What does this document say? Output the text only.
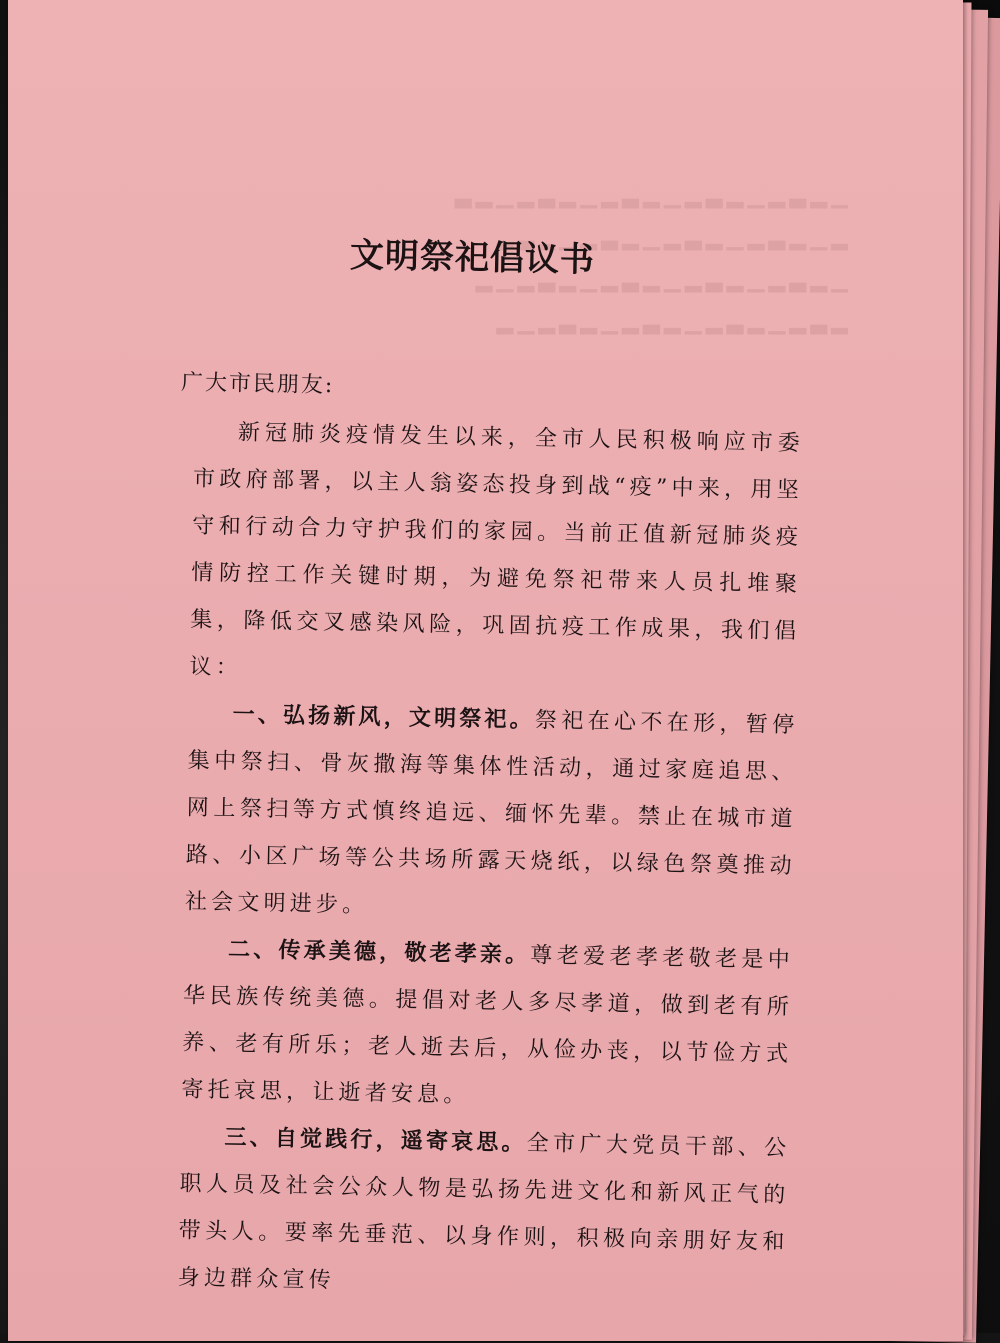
▁▂▃▂▁▂▃▂▁▂▃▂▁▂▃▂▁▂▃
▂▁▂▃▂▁▂▃▂▁▂▃▂▁▂▃▂
▁▂▃▂▁▂▃▂▁▂▃▂▁▂▃▂▁▂
▂▃▂▁▂▃▂▁▂▃▂▁▂▃▂▁▂
文明祭祀倡议书
广大市民朋友:

新冠肺炎疫情发生以来，全市人民积极响应市委市政府部署，以主人翁姿态投身到战“疫”中来，用坚守和行动合力守护我们的家园。当前正值新冠肺炎疫情防控工作关键时期，为避免祭祀带来人员扎堆聚集，降低交叉感染风险，巩固抗疫工作成果，我们倡议：

一、弘扬新风，文明祭祀。祭祀在心不在形，暂停集中祭扫、骨灰撒海等集体性活动，通过家庭追思、网上祭扫等方式慎终追远、缅怀先辈。禁止在城市道路、小区广场等公共场所露天烧纸，以绿色祭奠推动社会文明进步。

二、传承美德，敬老孝亲。尊老爱老孝老敬老是中华民族传统美德。提倡对老人多尽孝道，做到老有所养、老有所乐；老人逝去后，从俭办丧，以节俭方式寄托哀思，让逝者安息。

三、自觉践行，遥寄哀思。全市广大党员干部、公职人员及社会公众人物是弘扬先进文化和新风正气的带头人。要率先垂范、以身作则，积极向亲朋好友和身边群众宣传
